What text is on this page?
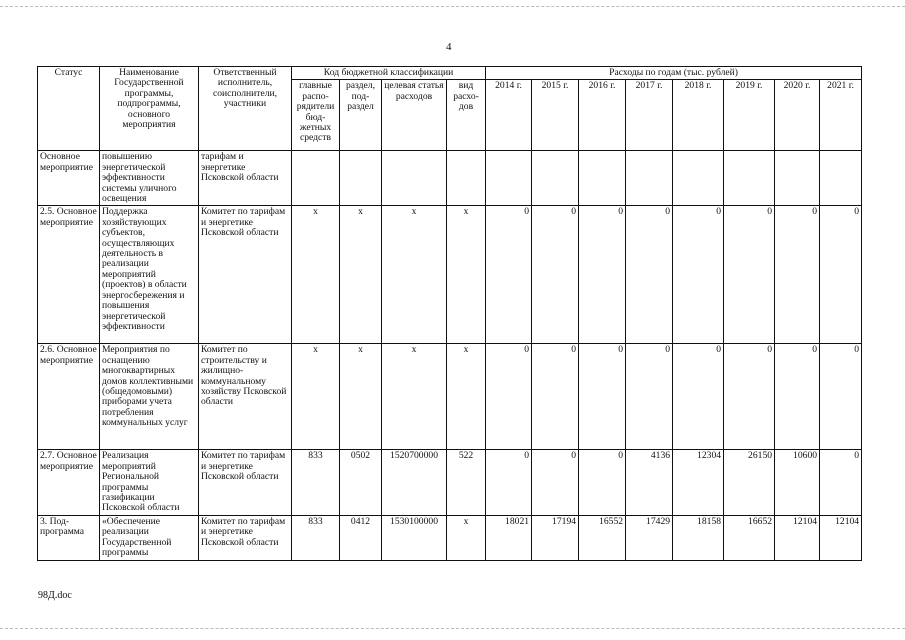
4
Статус	Наименование Государственной программы, подпрограммы, основного мероприятия	Ответственный исполнитель, соисполнители, участники	Код бюджетной классификации				Расходы по годам (тыс. рублей)							
			главные распо- рядители бюд- жетных средств	раздел, под- раздел	целевая статья расходов	вид расхо- дов	2014 г.	2015 г.	2016 г.	2017 г.	2018 г.	2019 г.	2020 г.	2021 г.
Основное мероприятие	повышению энергетической эффективности системы уличного освещения	тарифам и энергетике Псковской области												
2.5. Основное мероприятие	Поддержка хозяйствующих субъектов, осуществляющих деятельность в реализации мероприятий (проектов) в области энергосбережения и повышения энергетической эффективности	Комитет по тарифам и энергетике Псковской области	x	x	x	x	0	0	0	0	0	0	0	0
2.6. Основное мероприятие	Мероприятия по оснащению многоквартирных домов коллективными (общедомовыми) приборами учета потребления коммунальных услуг	Комитет по строительству и жилищно-коммунальному хозяйству Псковской области	x	x	x	x	0	0	0	0	0	0	0	0
2.7. Основное мероприятие	Реализация мероприятий Региональной программы газификации Псковской области	Комитет по тарифам и энергетике Псковской области	833	0502	1520700000	522	0	0	0	4136	12304	26150	10600	0
3. Под- программа	«Обеспечение реализации Государственной программы	Комитет по тарифам и энергетике Псковской области	833	0412	1530100000	x	18021	17194	16552	17429	18158	16652	12104	12104
98Д.doc
